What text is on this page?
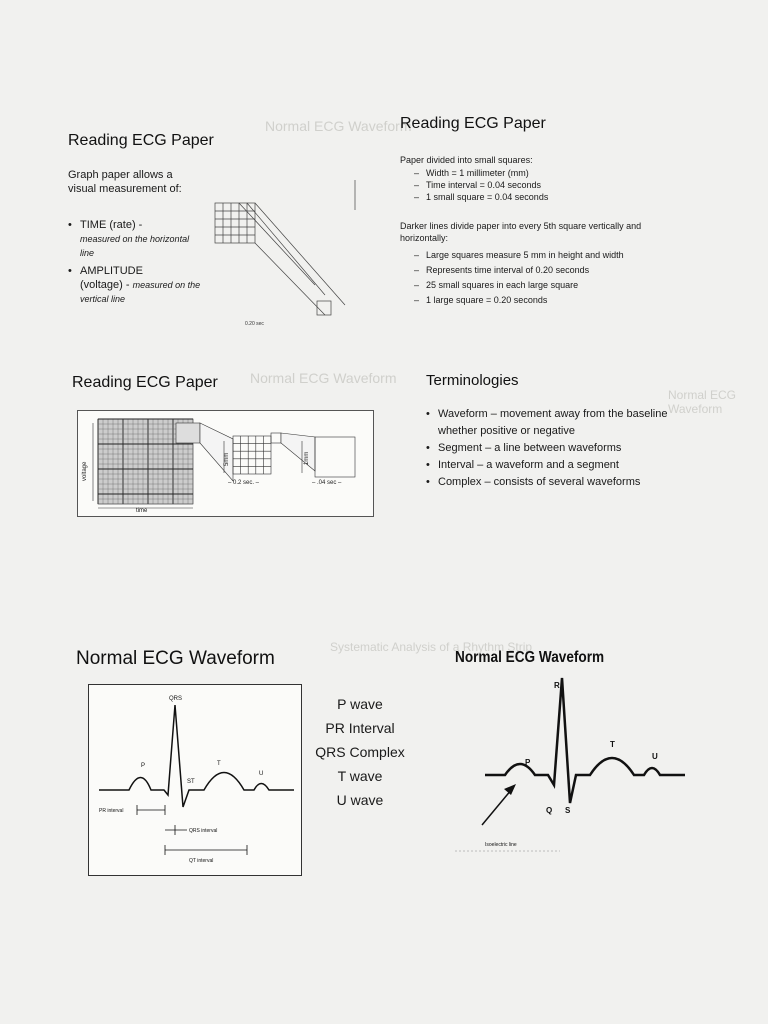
Normal ECG Waveform
Normal ECG Waveform
Normal ECG Waveform
Systematic Analysis of a Rhythm Strip
Reading ECG Paper
Graph paper allows a visual measurement of:
• TIME (rate) -
measured on the horizontal line
• AMPLITUDE
(voltage) - measured on the vertical line
0.20 sec
Reading ECG Paper
Paper divided into small squares:
– Width = 1 millimeter (mm)
– Time interval = 0.04 seconds
– 1 small square = 0.04 seconds
Darker lines divide paper into every 5th square vertically and horizontally:
– Large squares measure 5 mm in height and width
– Represents time interval of 0.20 seconds
– 25 small squares in each large square
– 1 large square = 0.20 seconds
Reading ECG Paper
voltage
time
– 0.2 sec. –	– .04 sec –
5mm	1mm
Terminologies
• Waveform – movement away from the baseline whether positive or negative
• Segment – a line between waveforms
• Interval – a waveform and a segment
• Complex – consists of several waveforms
Normal ECG Waveform
QRS
P
ST
T
U
PR interval
QRS interval
QT interval
P wave
PR Interval
QRS Complex
T wave
U wave
Normal ECG Waveform
R
P
T
U
Q S
Isoelectric line
